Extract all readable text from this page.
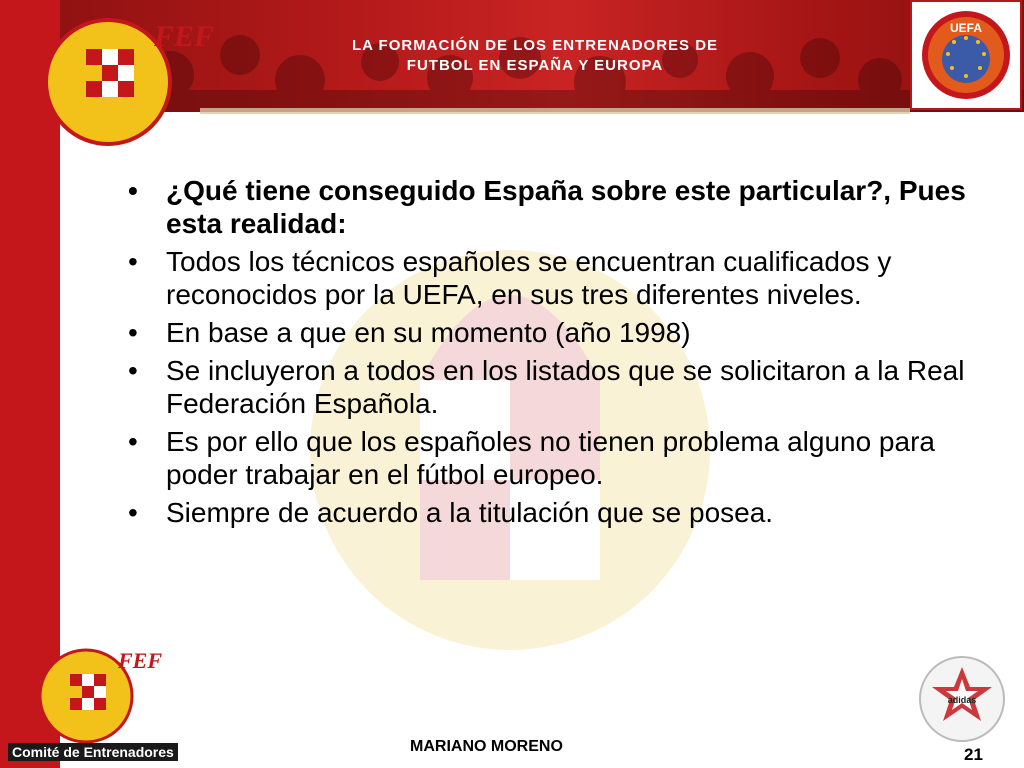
LA FORMACIÓN DE LOS ENTRENADORES DE
FUTBOL EN ESPAÑA Y EUROPA
FEF	UEFA
• ¿Qué tiene conseguido España sobre este particular?, Pues esta realidad:
• Todos los técnicos españoles se encuentran cualificados y reconocidos por la UEFA, en sus tres diferentes niveles.
• En base a que en su momento (año 1998)
• Se incluyeron a todos en los listados que se solicitaron a la Real Federación Española.
• Es por ello que los españoles no tienen problema alguno para poder trabajar en el fútbol europeo.
• Siempre de acuerdo a la titulación que se posea.
FEF
Comité de Entrenadores	MARIANO MORENO
adidas
21
